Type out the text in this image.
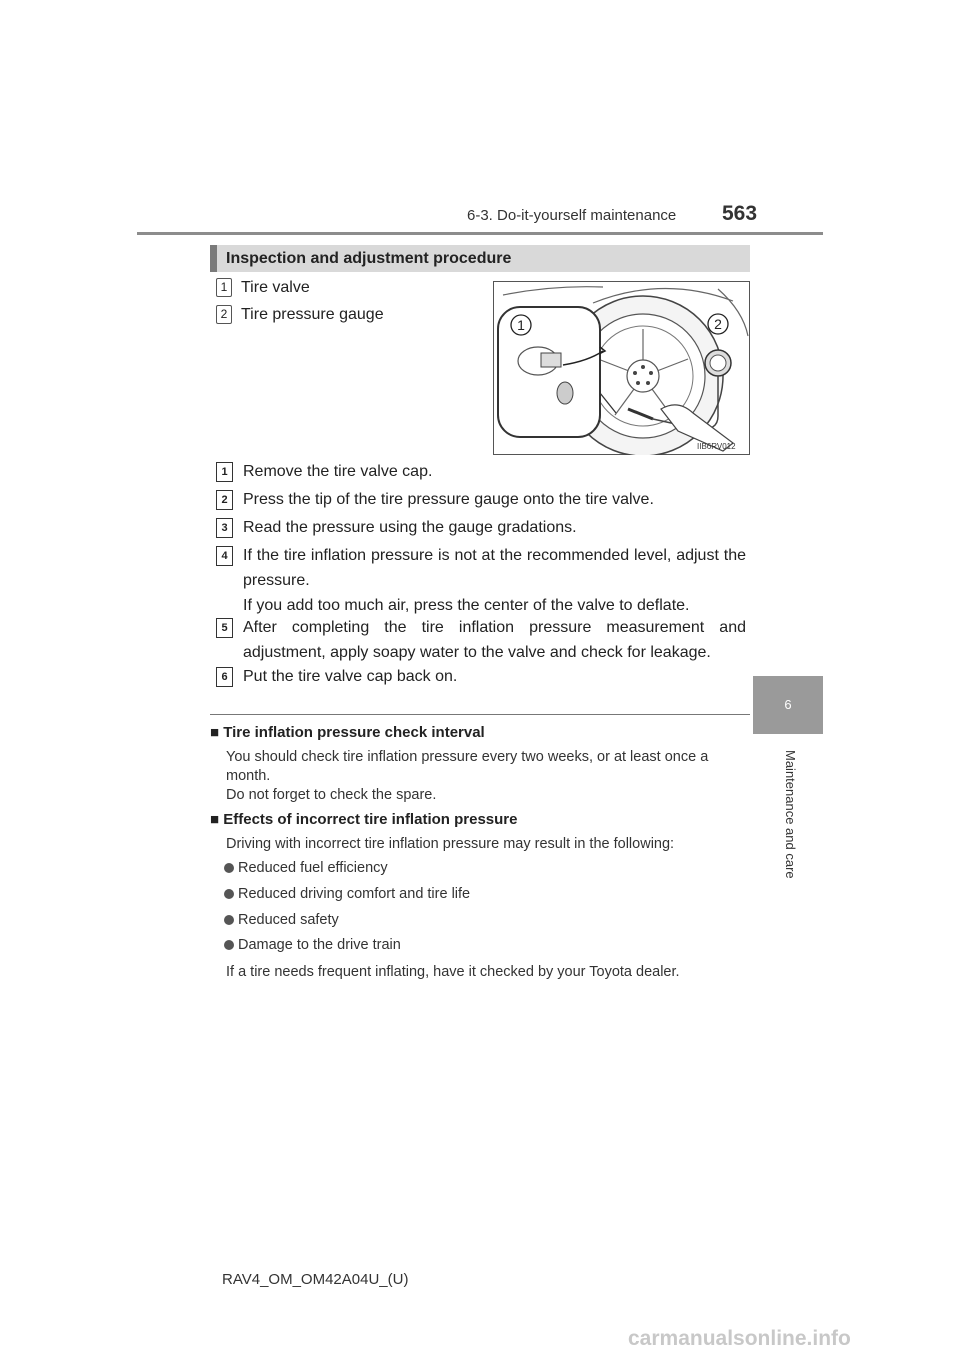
6-3. Do-it-yourself maintenance 563
6
Maintenance and care
Inspection and adjustment procedure
1 Tire valve
2 Tire pressure gauge
1	2
IIB6RV012
1 Remove the tire valve cap.
2 Press the tip of the tire pressure gauge onto the tire valve.
3 Read the pressure using the gauge gradations.
4 If the tire inflation pressure is not at the recommended level, adjust the pressure.
If you add too much air, press the center of the valve to deflate.
5 After completing the tire inflation pressure measurement and adjustment, apply soapy water to the valve and check for leakage.
6 Put the tire valve cap back on.
■ Tire inflation pressure check interval
You should check tire inflation pressure every two weeks, or at least once a month.
Do not forget to check the spare.
■ Effects of incorrect tire inflation pressure
Driving with incorrect tire inflation pressure may result in the following:
Reduced fuel efficiency
Reduced driving comfort and tire life
Reduced safety
Damage to the drive train
If a tire needs frequent inflating, have it checked by your Toyota dealer.
RAV4_OM_OM42A04U_(U)
carmanualsonline.info
